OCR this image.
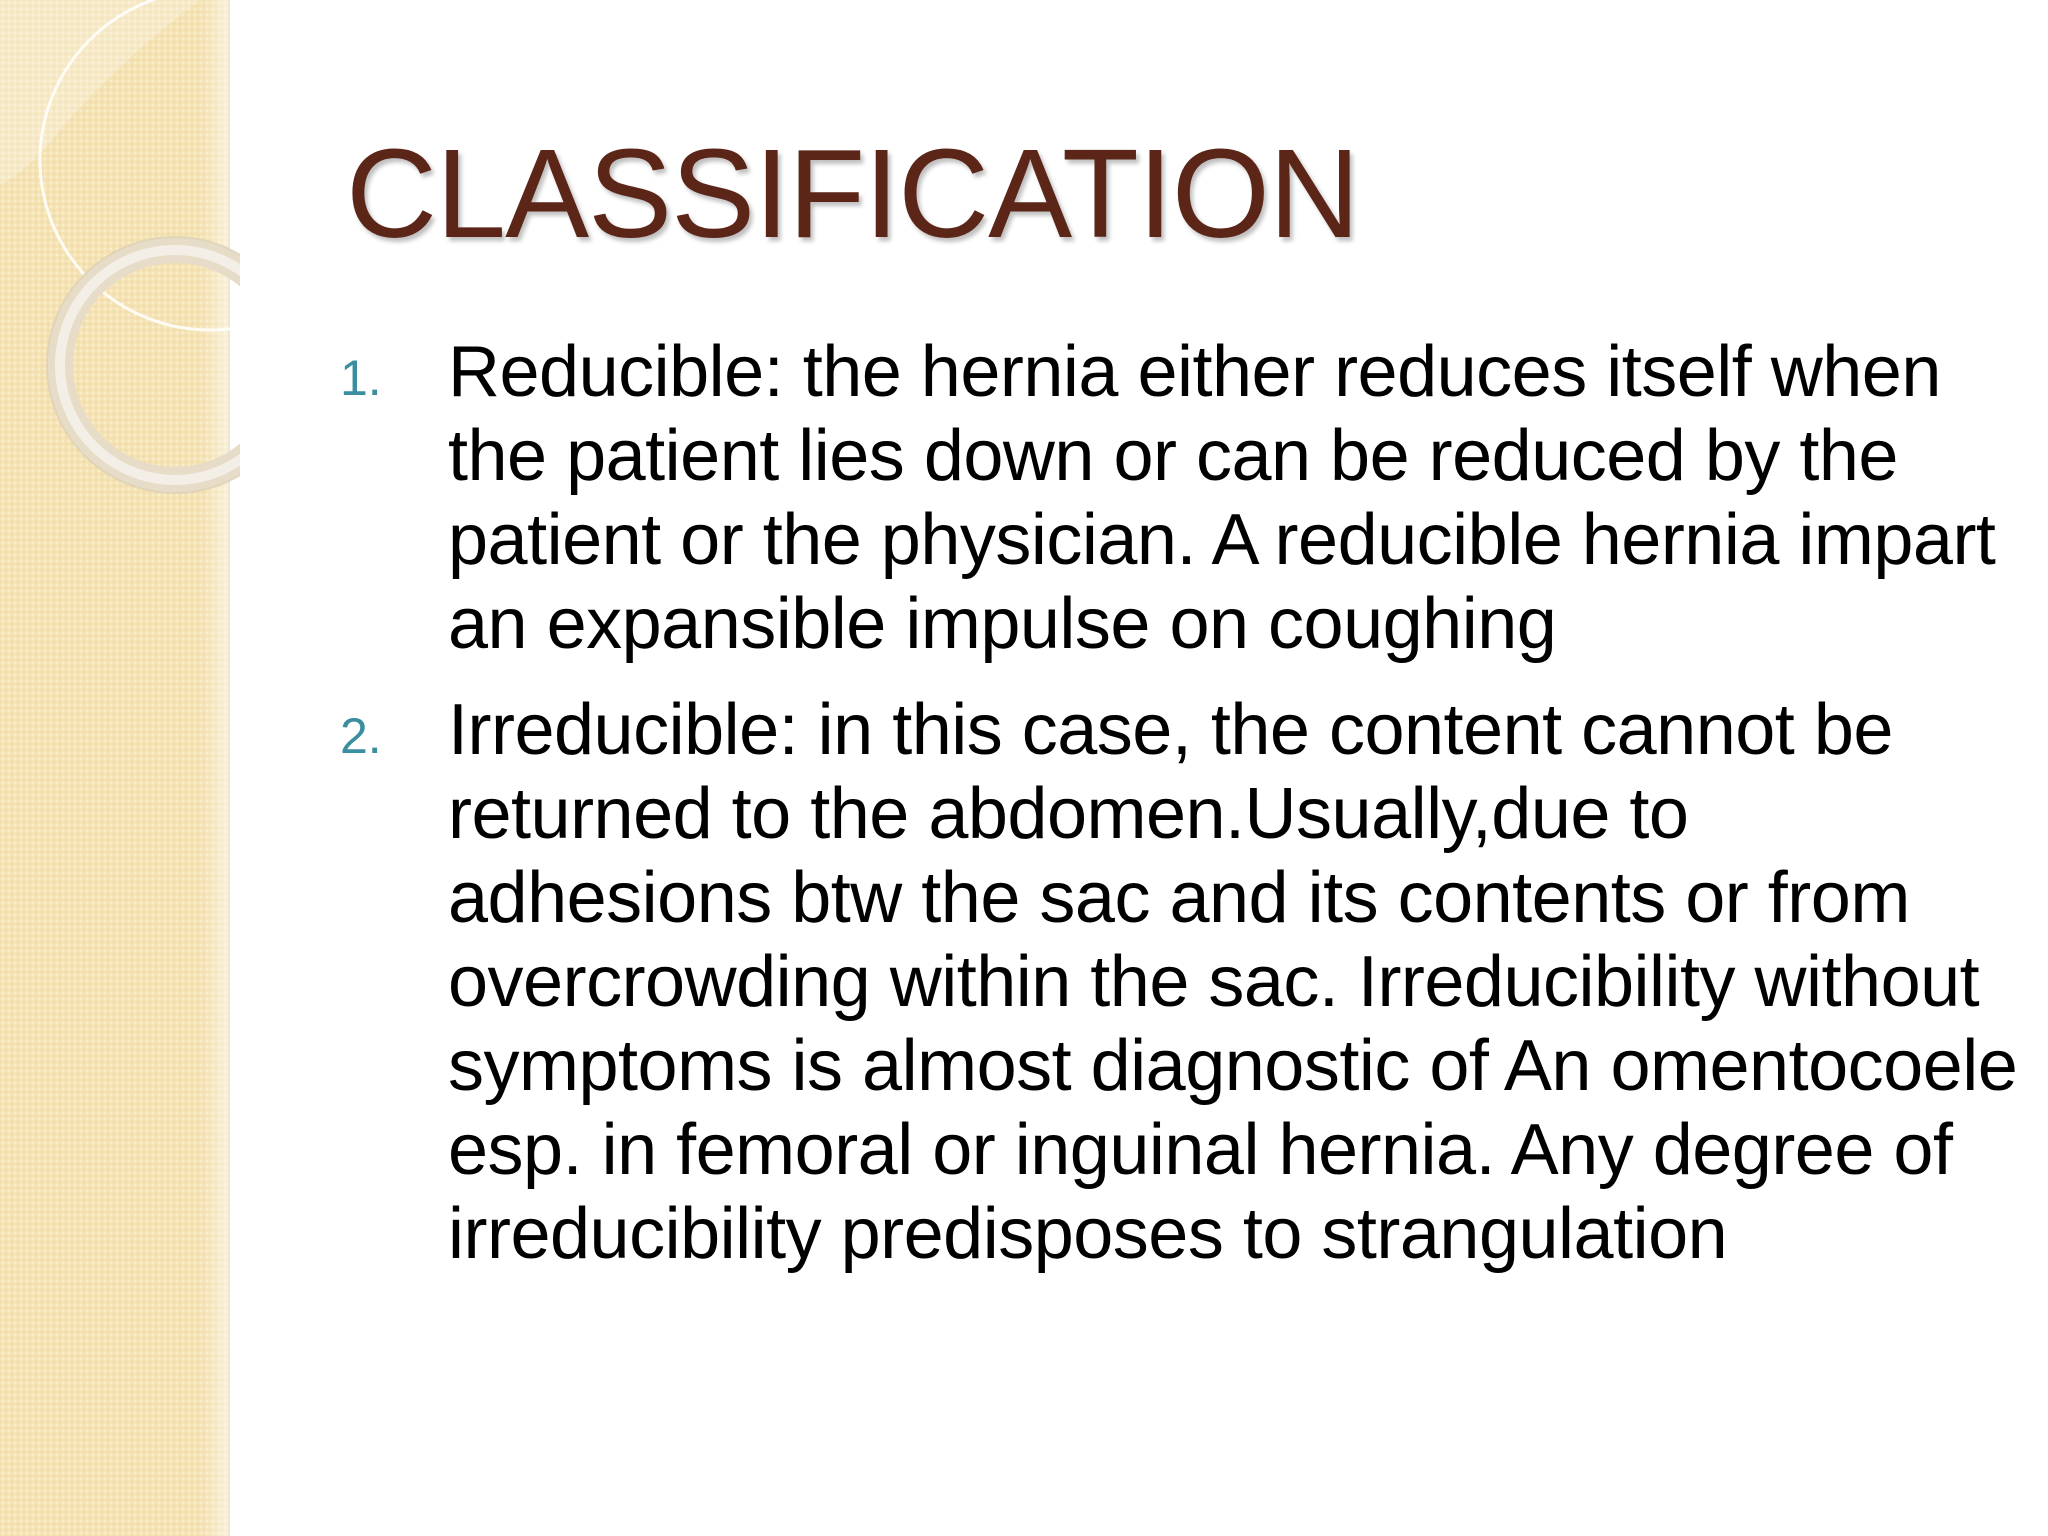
CLASSIFICATION
1. Reducible: the hernia either reduces itself when the patient lies down or can be reduced by the patient or the physician. A reducible hernia impart an expansible impulse on coughing
2. Irreducible: in this case, the content cannot be returned to the abdomen.Usually,due to adhesions btw the sac and its contents or from overcrowding within the sac. Irreducibility without symptoms is almost diagnostic of An omentocoele esp. in femoral or inguinal hernia. Any degree of irreducibility predisposes to strangulation
